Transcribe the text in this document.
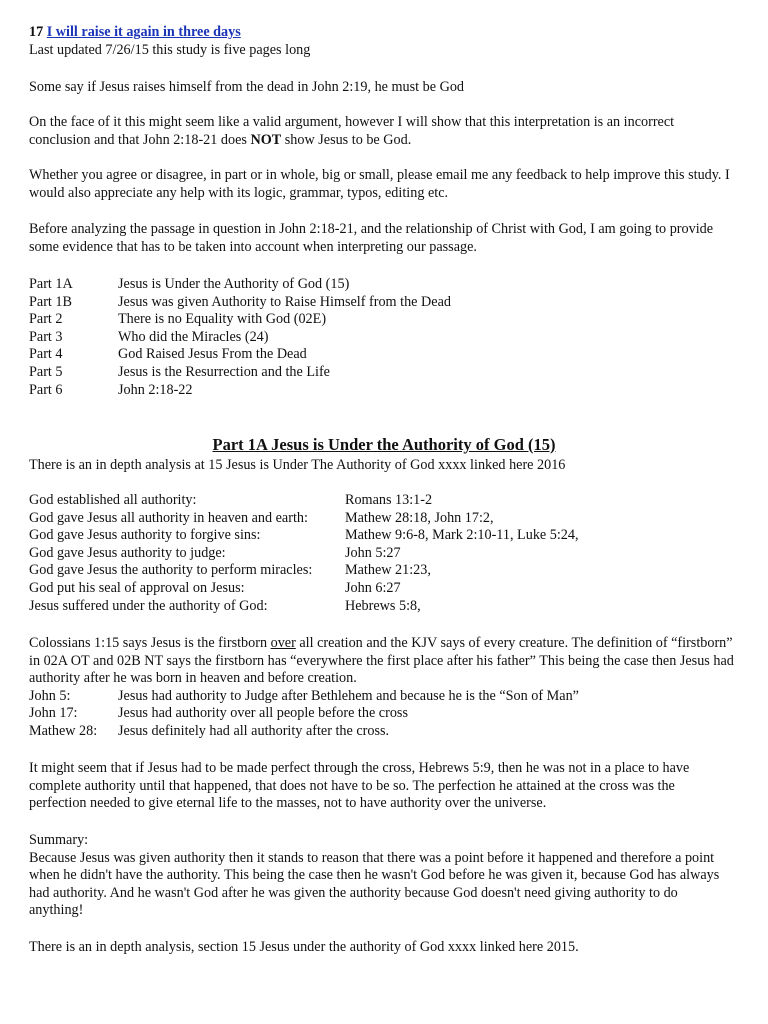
17 I will raise it again in three days
Last updated 7/26/15 this study is five pages long

Some say if Jesus raises himself from the dead in John 2:19, he must be God

On the face of it this might seem like a valid argument, however I will show that this interpretation is an incorrect conclusion and that John 2:18-21 does NOT show Jesus to be God.

Whether you agree or disagree, in part or in whole, big or small, please email me any feedback to help improve this study. I would also appreciate any help with its logic, grammar, typos, editing etc.

Before analyzing the passage in question in John 2:18-21, and the relationship of Christ with God, I am going to provide some evidence that has to be taken into account when interpreting our passage.

Part 1A	Jesus is Under the Authority of God (15)
Part 1B	Jesus was given Authority to Raise Himself from the Dead
Part 2	There is no Equality with God (02E)
Part 3	Who did the Miracles (24)
Part 4	God Raised Jesus From the Dead
Part 5	Jesus is the Resurrection and the Life
Part 6	John 2:18-22
Part 1A Jesus is Under the Authority of God (15)

There is an in depth analysis at 15 Jesus is Under The Authority of God xxxx linked here 2016

God established all authority:	Romans 13:1-2
God gave Jesus all authority in heaven and earth:	Mathew 28:18, John 17:2,
God gave Jesus authority to forgive sins:	Mathew 9:6-8, Mark 2:10-11, Luke 5:24,
God gave Jesus authority to judge:	John 5:27
God gave Jesus the authority to perform miracles:	Mathew 21:23,
God put his seal of approval on Jesus:	John 6:27
Jesus suffered under the authority of God:	Hebrews 5:8,
Colossians 1:15 says Jesus is the firstborn over all creation and the KJV says of every creature. The definition of “firstborn” in 02A OT and 02B NT says the firstborn has “everywhere the first place after his father” This being the case then Jesus had authority after he was born in heaven and before creation.
John 5:	Jesus had authority to Judge after Bethlehem and because he is the “Son of Man”
John 17:	Jesus had authority over all people before the cross
Mathew 28:	Jesus definitely had all authority after the cross.

It might seem that if Jesus had to be made perfect through the cross, Hebrews 5:9, then he was not in a place to have complete authority until that happened, that does not have to be so. The perfection he attained at the cross was the perfection needed to give eternal life to the masses, not to have authority over the universe.

Summary:
Because Jesus was given authority then it stands to reason that there was a point before it happened and therefore a point when he didn't have the authority. This being the case then he wasn't God before he was given it, because God has always had authority. And he wasn't God after he was given the authority because God doesn't need giving authority to do anything!

There is an in depth analysis, section 15 Jesus under the authority of God xxxx linked here 2015.
